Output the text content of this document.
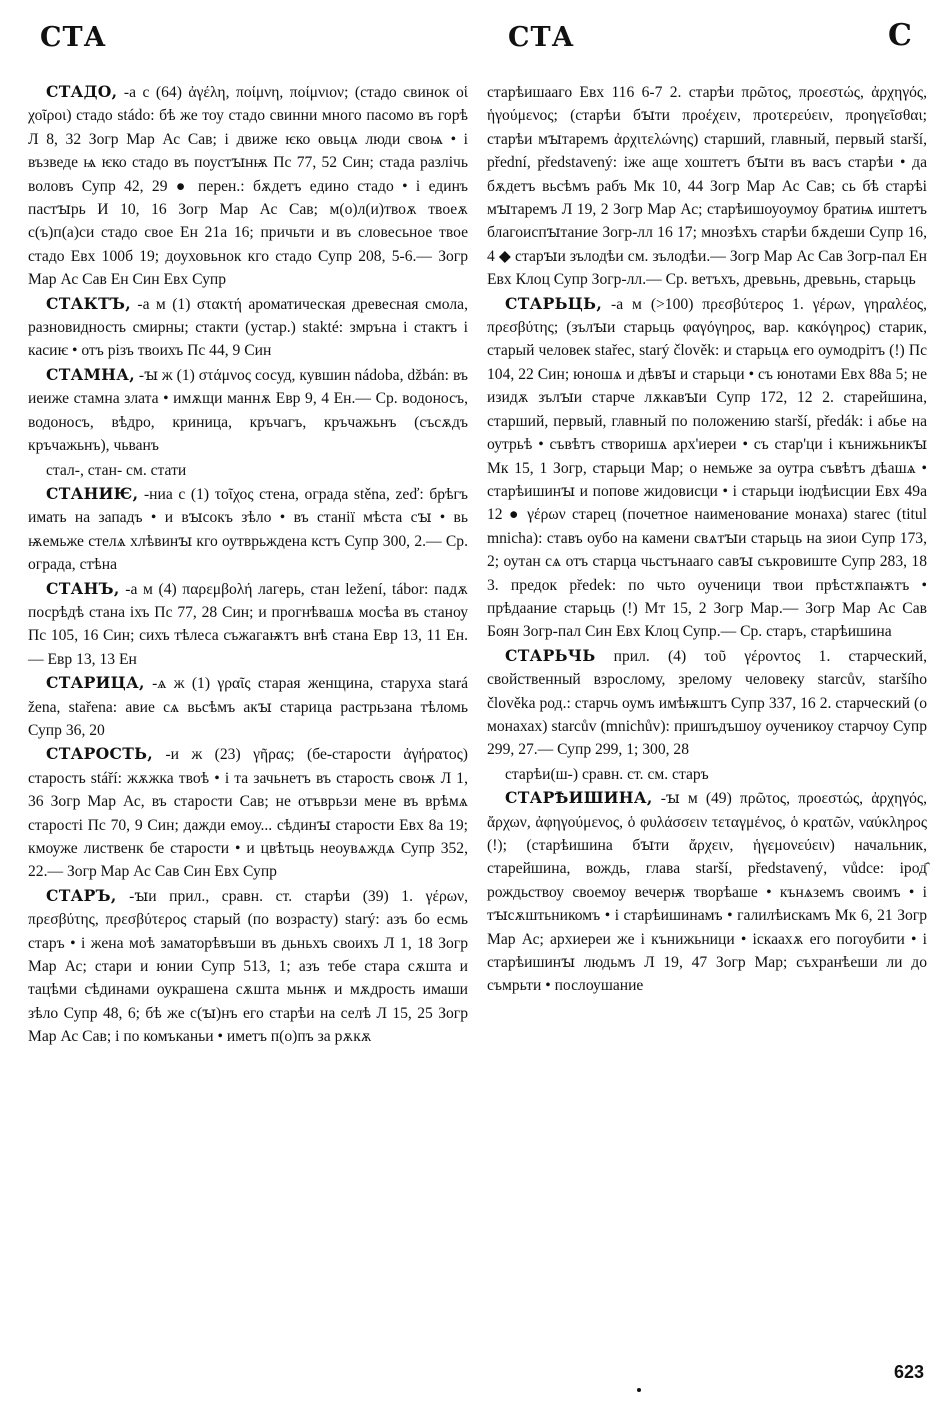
СТА	СТА	С

СТАДО, -а с (64) ἀγέλη, ποίμνη, ποίμνιον; (стадо свинок οἱ χοῖροι) стадо stádo: бѣ же тоу стадо свинни много пасомо въ горѣ Л 8, 32 Зогр Мар Ас Сав; і движе ѥко овьцѧ люди своѩ • і възведе ѩ ѥко стадо въ поустꙑнѭ Пс 77, 52 Син; стада разлічь воловъ Супр 42, 29 ● перен.: бѫдетъ едино стадо • і единъ пастꙑрь И 10, 16 Зогр Мар Ас Сав; м(о)л(и)твоѫ твоеѫ с(ъ)п(а)си стадо свое Ен 21а 16; причьти и въ словесьное твое стадо Евх 100б 19; доуховьнок кго стадо Супр 208, 5-6.— Зогр Мар Ас Сав Ен Син Евх Супр

СТАКТЪ, -а м (1) στακτή ароматическая древесная смола, разновидность смирны; стакти (устар.) stakté: змръна і стактъ і касиѥ • отъ різъ твоихъ Пс 44, 9 Син

СТАМНА, -ꙑ ж (1) στάμνος сосуд, кувшин nádoba, džbán: въ иеиже стамна злата • имѫщи маннѫ Евр 9, 4 Ен.— Ср. водоносъ, водоносъ, вѣдро, криница, кръчагъ, кръчажьнъ (съсѫдъ кръчажьнъ), чьванъ

стал-, стан- см. стати

СТАНИѤ, -ниа с (1) τοῖχος стена, ограда stěna, zeď: брѣгъ имать на западъ • и вꙑсокъ зѣло • въ станії мѣста сꙑ • вь ѭемьже стелѧ хлѣвинꙑ кго оутврьждена кстъ Супр 300, 2.— Ср. ограда, стѣна

СТАНЪ, -а м (4) παρεμβολή лагерь, стан ležení, tábor: падѫ посрѣдѣ стана іхъ Пс 77, 28 Син; и прогнѣвашѧ мосѣа въ станоу Пс 105, 16 Син; сихъ тѣлеса съжагаѭтъ внѣ стана Евр 13, 11 Ен.— Евр 13, 13 Ен

СТАРИЦА, -ѧ ж (1) γραῖς старая женщина, старуха stará žena, stařena: авие сѧ вьсѣмъ акꙑ старица растрьзана тѣломь Супр 36, 20

СТАРОСТЬ, -и ж (23) γῆρας; (бе-старости ἀγήρατος) старость stáří: жѫжка твоѣ • і та зачьнетъ въ старость своѭ Л 1, 36 Зогр Мар Ас, въ старости Сав; не отъврьзи мене въ врѣмѧ старості Пс 70, 9 Син; дажди емоу... сѣдинꙑ старости Евх 8а 19; кмоуже лиственк бе старости • и цвѣтьць неоувѧждѧ Супр 352, 22.— Зогр Мар Ас Сав Син Евх Супр

СТАРЪ, -ꙑи прил., сравн. ст. старѣи (39) 1. γέρων, πρεσβύτης, πρεσβύτερος старый (по возрасту) starý: азъ бо есмь старъ • і жена моѣ заматорѣвъши въ дьньхъ своихъ Л 1, 18 Зогр Мар Ас; стари и юнии Супр 513, 1; азъ тебе стара сѫшта и тацѣми сѣдинами оукрашена сѫшта мьнѭ и мѫдрость имаши зѣло Супр 48, 6; бѣ же с(ꙑ)нъ его старѣи на селѣ Л 15, 25 Зогр Мар Ас Сав; і по комъканьи • иметъ п(о)пъ за рѫкѫ

старѣишааго Евх 116 6-7 2. старѣи πρῶτος, προεστώς, ἀρχηγός, ἡγούμενος; (старѣи бꙑти προέχειν, προτερεύειν, προηγεῖσθαι; старѣи мꙑтаремъ ἀρχιτελώνης) старший, главный, первый starší, přední, představený: іже аще хоштетъ бꙑти въ васъ старѣи • да бѫдетъ вьсѣмъ рабъ Мк 10, 44 Зогр Мар Ас Сав; сь бѣ старѣі мꙑтаремъ Л 19, 2 Зогр Мар Ас; старѣишоуоумоу братиѩ иштетъ благоиспꙑтание Зогр-лл 16 17; мнозѣхъ старѣи бѫдеши Супр 16, 4 ◆ старꙑи зълодѣи см. зълодѣи.— Зогр Мар Ас Сав Зогр-пал Ен Евх Клоц Супр Зогр-лл.— Ср. ветъхъ, древьнь, древьнь, старьць

СТАРЬЦЬ, -а м (>100) πρεσβύτερος 1. γέρων, γηραλέος, πρεσβύτης; (зълꙑи старьць φαγόγηρος, вар. κακόγηρος) старик, старый человек stařec, starý člověk: и старьцѧ его оумодрітъ (!) Пс 104, 22 Син; юношѧ и дѣвꙑ и старьци • съ юнотами Евх 88а 5; не изидѫ зълꙑи старче лѫкавꙑи Супр 172, 12 2. старейшина, старший, первый, главный по положению starší, předák: і абье на оутрьѣ • съвѣтъ створишѧ арх'иереи • съ стар'ци і кънижьникꙑ Мк 15, 1 Зогр, старьци Мар; о немьже за оутра съвѣтъ дѣашѧ • старѣишинꙑ и попове жидовисци • і старьци іюдѣисции Евх 49а 12 ● γέρων старец (почетное наименование монаха) starec (titul mnicha): ставъ оубо на камени свѧтꙑи старьць на зиои Супр 173, 2; оутан сѧ отъ старца чьстънааго савꙑ съкровиште Супр 283, 18 3. предок předek: по чьто оученици твои прѣстѫпаѭтъ • прѣдаание старьць (!) Мт 15, 2 Зогр Мар.— Зогр Мар Ас Сав Боян Зогр-пал Син Евх Клоц Супр.— Ср. старъ, старѣишина

СТАРЬЧЬ прил. (4) τοῦ γέροντος 1. старческий, свойственный взрослому, зрелому человеку starcův, staršího člověka род.: старчь оумъ имѣѭштъ Супр 337, 16 2. старческий (о монахах) starcův (mnichův): пришъдъшоу оученикоу старчоу Супр 299, 27.— Супр 299, 1; 300, 28

старѣи(ш-) сравн. ст. см. старъ

СТАРѢИШИНА, -ꙑ м (49) πρῶτος, προεστώς, ἀρχηγός, ἄρχων, ἀφηγούμενος, ὁ φυλάσσειν τεταγμένος, ὁ κρατῶν, ναύκληρος (!); (старѣишина бꙑти ἄρχειν, ἡγεμονεύειν) начальник, старейшина, вождь, глава starší, představený, vůdce: ірод҄ рождьствоу своемоу вечерѭ творѣаше • кънѧземъ своимъ • і тꙑсѫштьникомъ • і старѣишинамъ • галилѣискамъ Мк 6, 21 Зогр Мар Ас; архиереи же і кънижьници • іскаахѫ его погоубити • і старѣишинꙑ людьмъ Л 19, 47 Зогр Мар; съхранѣеши ли до съмрьти • послоушание

623
